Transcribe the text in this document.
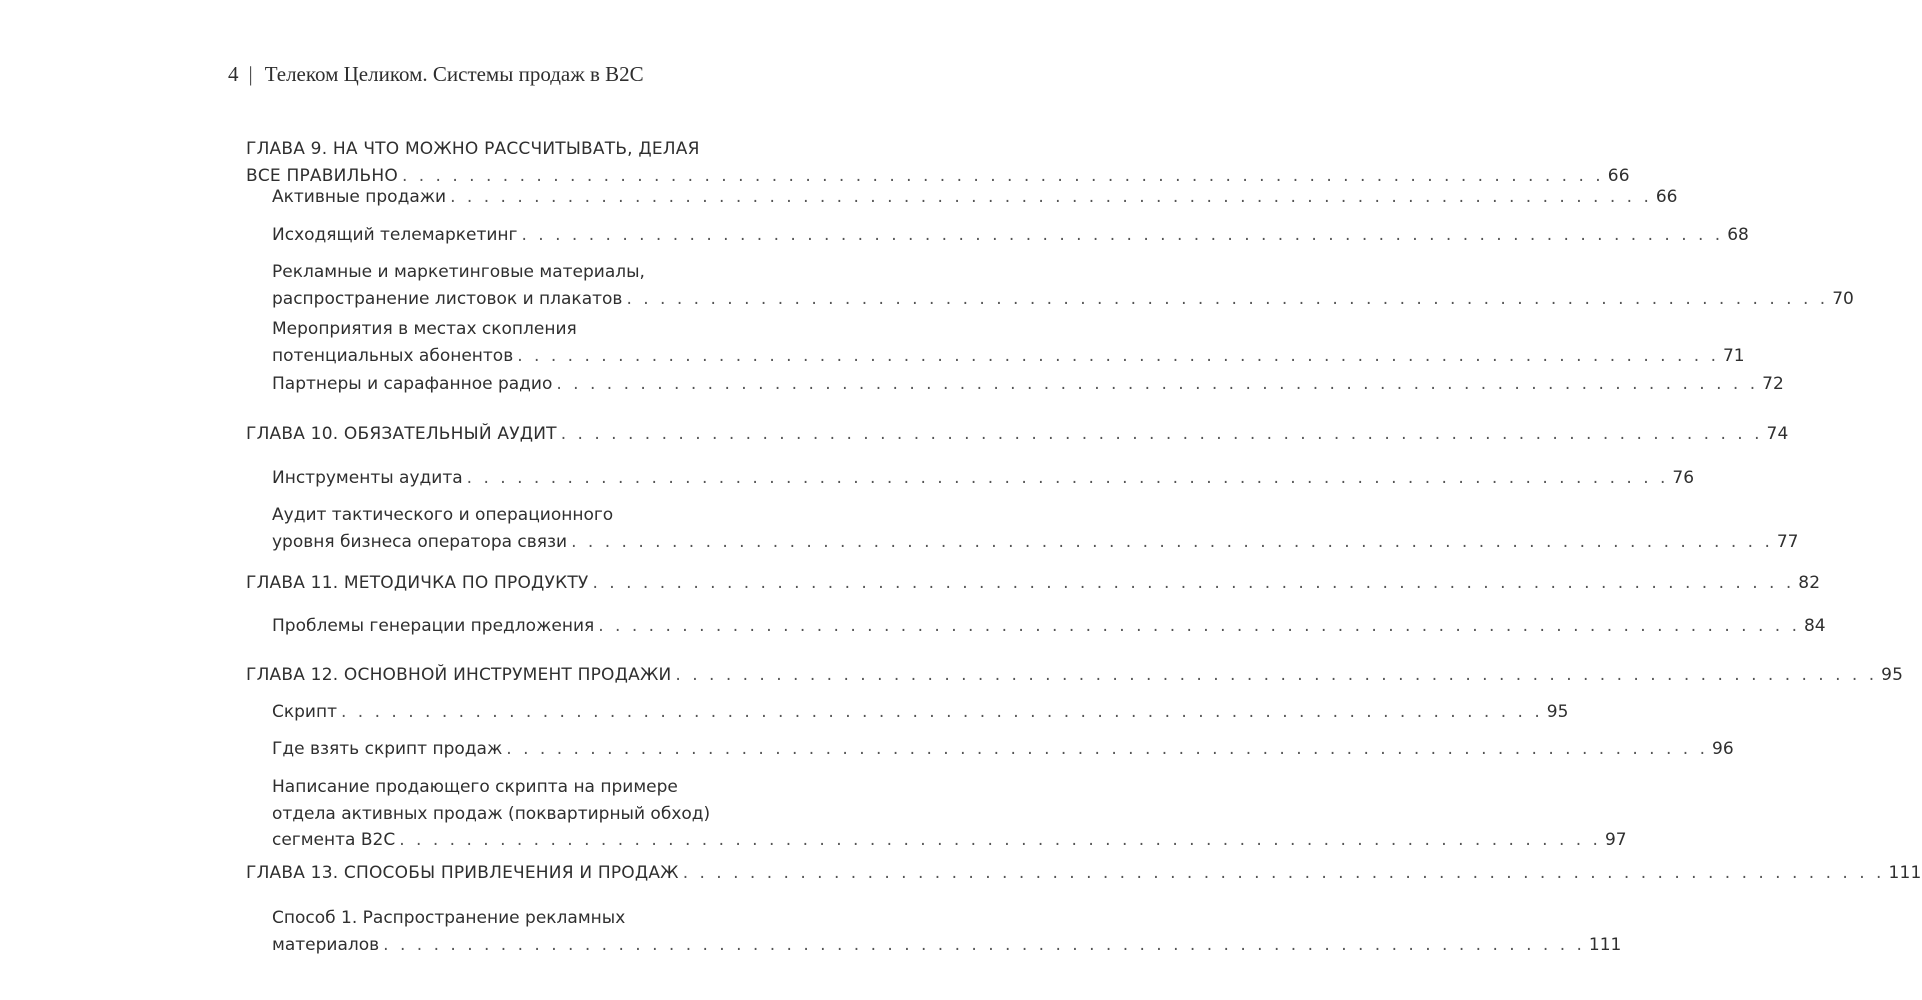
4 | Телеком Целиком. Системы продаж в B2C
ГЛАВА 9. НА ЧТО МОЖНО РАССЧИТЫВАТЬ, ДЕЛАЯ
ВСЕ ПРАВИЛЬНО . . . . . . . . . . . . . . . . . . . . . . . . . . . . . . . . . . . . . . . . . . . . . . . . . . . . . . . . . . . . . . . . . . . . . . . . 66
Активные продажи . . . . . . . . . . . . . . . . . . . . . . . . . . . . . . . . . . . . . . . . . . . . . . . . . . . . . . . . . . . . . . . . . . . . . . . . 66
Исходящий телемаркетинг . . . . . . . . . . . . . . . . . . . . . . . . . . . . . . . . . . . . . . . . . . . . . . . . . . . . . . . . . . . . . . . . . . . . . . . . 68
Рекламные и маркетинговые материалы,
распространение листовок и плакатов . . . . . . . . . . . . . . . . . . . . . . . . . . . . . . . . . . . . . . . . . . . . . . . . . . . . . . . . . . . . . . . . . . . . . . . . 70
Мероприятия в местах скопления
потенциальных абонентов . . . . . . . . . . . . . . . . . . . . . . . . . . . . . . . . . . . . . . . . . . . . . . . . . . . . . . . . . . . . . . . . . . . . . . . . 71
Партнеры и сарафанное радио . . . . . . . . . . . . . . . . . . . . . . . . . . . . . . . . . . . . . . . . . . . . . . . . . . . . . . . . . . . . . . . . . . . . . . . . 72
ГЛАВА 10. ОБЯЗАТЕЛЬНЫЙ АУДИТ . . . . . . . . . . . . . . . . . . . . . . . . . . . . . . . . . . . . . . . . . . . . . . . . . . . . . . . . . . . . . . . . . . . . . . . . 74
Инструменты аудита . . . . . . . . . . . . . . . . . . . . . . . . . . . . . . . . . . . . . . . . . . . . . . . . . . . . . . . . . . . . . . . . . . . . . . . . 76
Аудит тактического и операционного
уровня бизнеса оператора связи . . . . . . . . . . . . . . . . . . . . . . . . . . . . . . . . . . . . . . . . . . . . . . . . . . . . . . . . . . . . . . . . . . . . . . . . 77
ГЛАВА 11. МЕТОДИЧКА ПО ПРОДУКТУ . . . . . . . . . . . . . . . . . . . . . . . . . . . . . . . . . . . . . . . . . . . . . . . . . . . . . . . . . . . . . . . . . . . . . . . . 82
Проблемы генерации предложения . . . . . . . . . . . . . . . . . . . . . . . . . . . . . . . . . . . . . . . . . . . . . . . . . . . . . . . . . . . . . . . . . . . . . . . . 84
ГЛАВА 12. ОСНОВНОЙ ИНСТРУМЕНТ ПРОДАЖИ . . . . . . . . . . . . . . . . . . . . . . . . . . . . . . . . . . . . . . . . . . . . . . . . . . . . . . . . . . . . . . . . . . . . . . . . 95
Скрипт . . . . . . . . . . . . . . . . . . . . . . . . . . . . . . . . . . . . . . . . . . . . . . . . . . . . . . . . . . . . . . . . . . . . . . . . 95
Где взять скрипт продаж . . . . . . . . . . . . . . . . . . . . . . . . . . . . . . . . . . . . . . . . . . . . . . . . . . . . . . . . . . . . . . . . . . . . . . . . 96
Написание продающего скрипта на примере
отдела активных продаж (поквартирный обход)
сегмента B2C . . . . . . . . . . . . . . . . . . . . . . . . . . . . . . . . . . . . . . . . . . . . . . . . . . . . . . . . . . . . . . . . . . . . . . . . 97
ГЛАВА 13. СПОСОБЫ ПРИВЛЕЧЕНИЯ И ПРОДАЖ . . . . . . . . . . . . . . . . . . . . . . . . . . . . . . . . . . . . . . . . . . . . . . . . . . . . . . . . . . . . . . . . . . . . . . . . 111
Способ 1. Распространение рекламных
материалов . . . . . . . . . . . . . . . . . . . . . . . . . . . . . . . . . . . . . . . . . . . . . . . . . . . . . . . . . . . . . . . . . . . . . . . . 111
